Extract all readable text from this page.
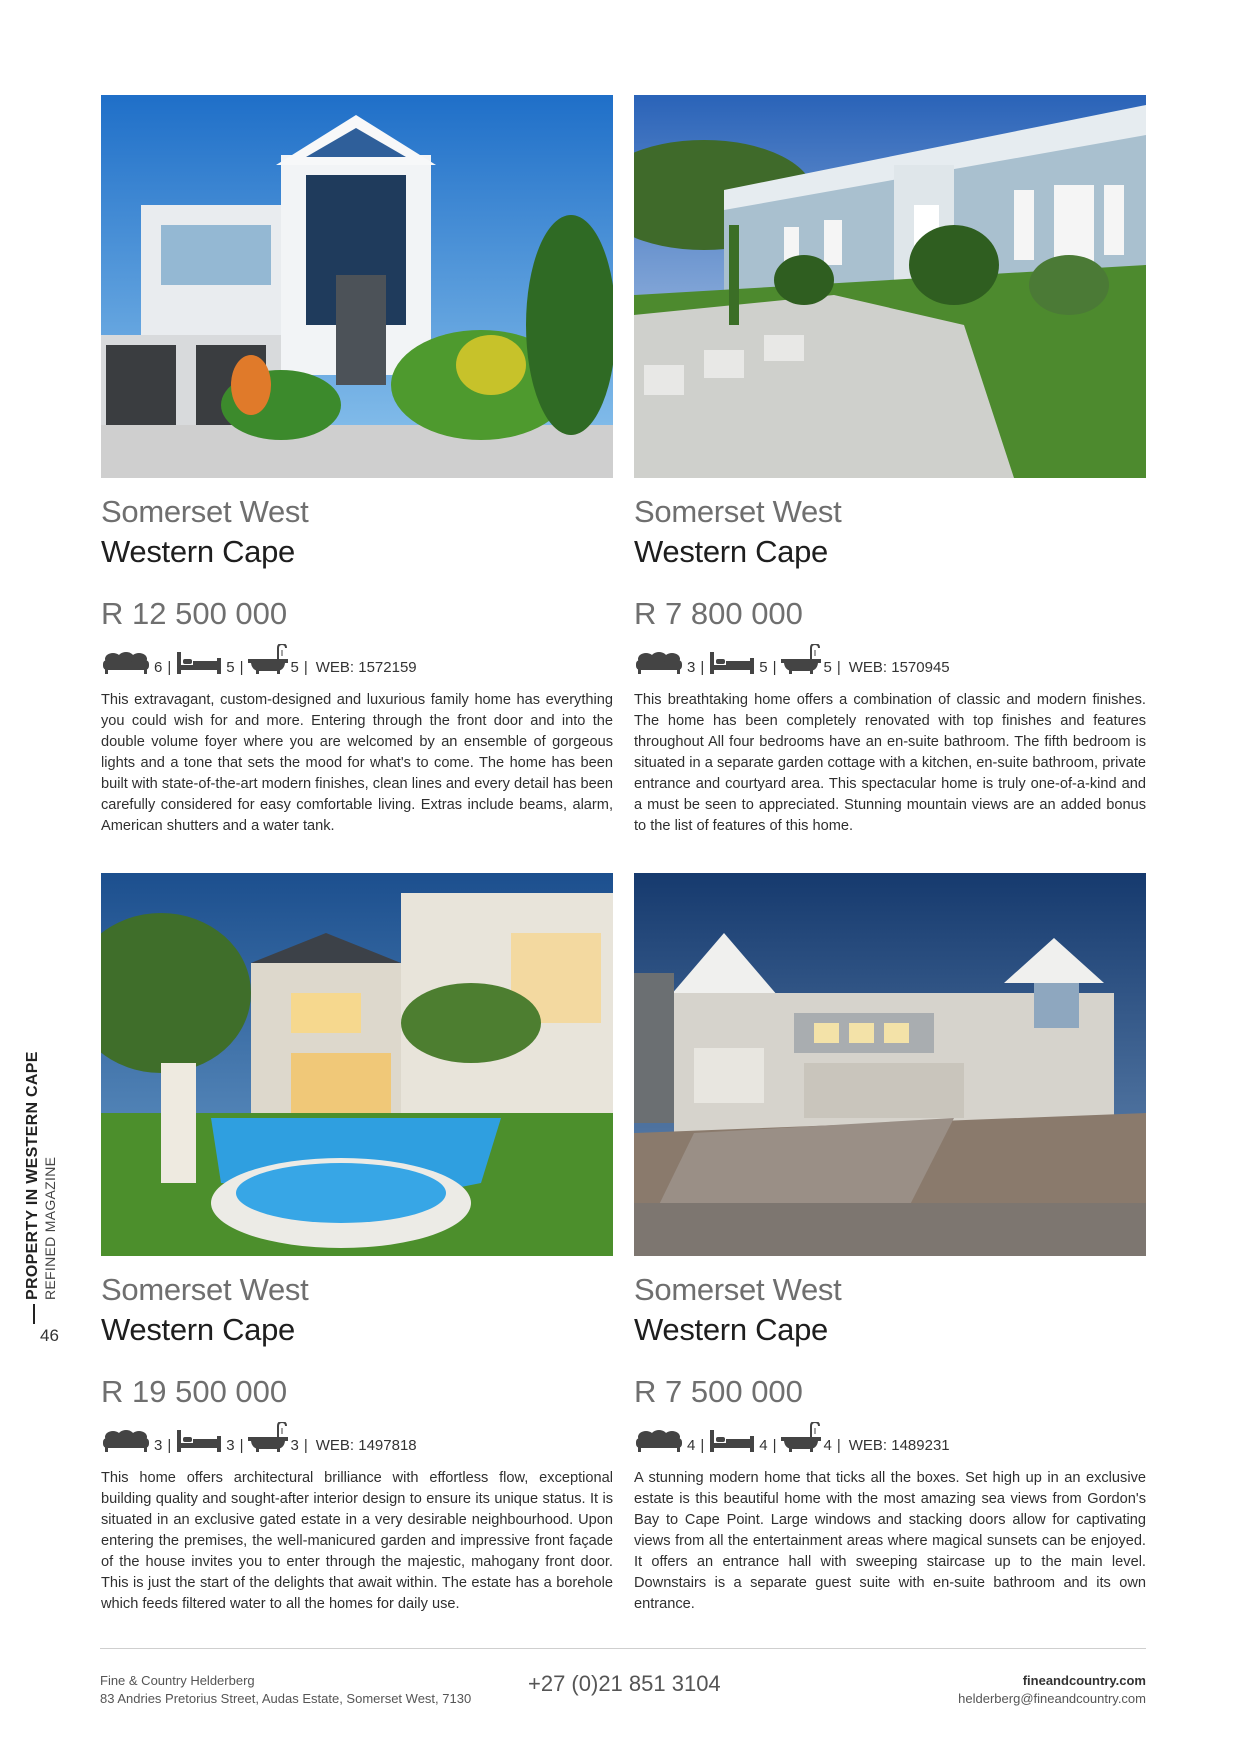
PROPERTY IN WESTERN CAPE REFINED MAGAZINE
46
Somerset West
Western Cape
R 12 500 000
6 |	5 |	5 | WEB: 1572159
This extravagant, custom-designed and luxurious family home has everything you could wish for and more. Entering through the front door and into the double volume foyer where you are welcomed by an ensemble of gorgeous lights and a tone that sets the mood for what's to come. The home has been built with state-of-the-art modern finishes, clean lines and every detail has been carefully considered for easy comfortable living. Extras include beams, alarm, American shutters and a water tank.
Somerset West
Western Cape
R 7 800 000
3 |	5 |	5 | WEB: 1570945
This breathtaking home offers a combination of classic and modern finishes. The home has been completely renovated with top finishes and features throughout All four bedrooms have an en-suite bathroom. The fifth bedroom is situated in a separate garden cottage with a kitchen, en-suite bathroom, private entrance and courtyard area. This spectacular home is truly one-of-a-kind and a must be seen to appreciated. Stunning mountain views are an added bonus to the list of features of this home.
Somerset West
Western Cape
R 19 500 000
3 |	3 |	3 | WEB: 1497818
This home offers architectural brilliance with effortless flow, exceptional building quality and sought-after interior design to ensure its unique status. It is situated in an exclusive gated estate in a very desirable neighbourhood. Upon entering the premises, the well-manicured garden and impressive front façade of the house invites you to enter through the majestic, mahogany front door. This is just the start of the delights that await within. The estate has a borehole which feeds filtered water to all the homes for daily use.
Somerset West
Western Cape
R 7 500 000
4 |	4 |	4 | WEB: 1489231
A stunning modern home that ticks all the boxes. Set high up in an exclusive estate is this beautiful home with the most amazing sea views from Gordon's Bay to Cape Point. Large windows and stacking doors allow for captivating views from all the entertainment areas where magical sunsets can be enjoyed. It offers an entrance hall with sweeping staircase up to the main level. Downstairs is a separate guest suite with en-suite bathroom and its own entrance.
Fine & Country Helderberg
83 Andries Pretorius Street, Audas Estate, Somerset West, 7130
+27 (0)21 851 3104	fineandcountry.com
helderberg@fineandcountry.com
